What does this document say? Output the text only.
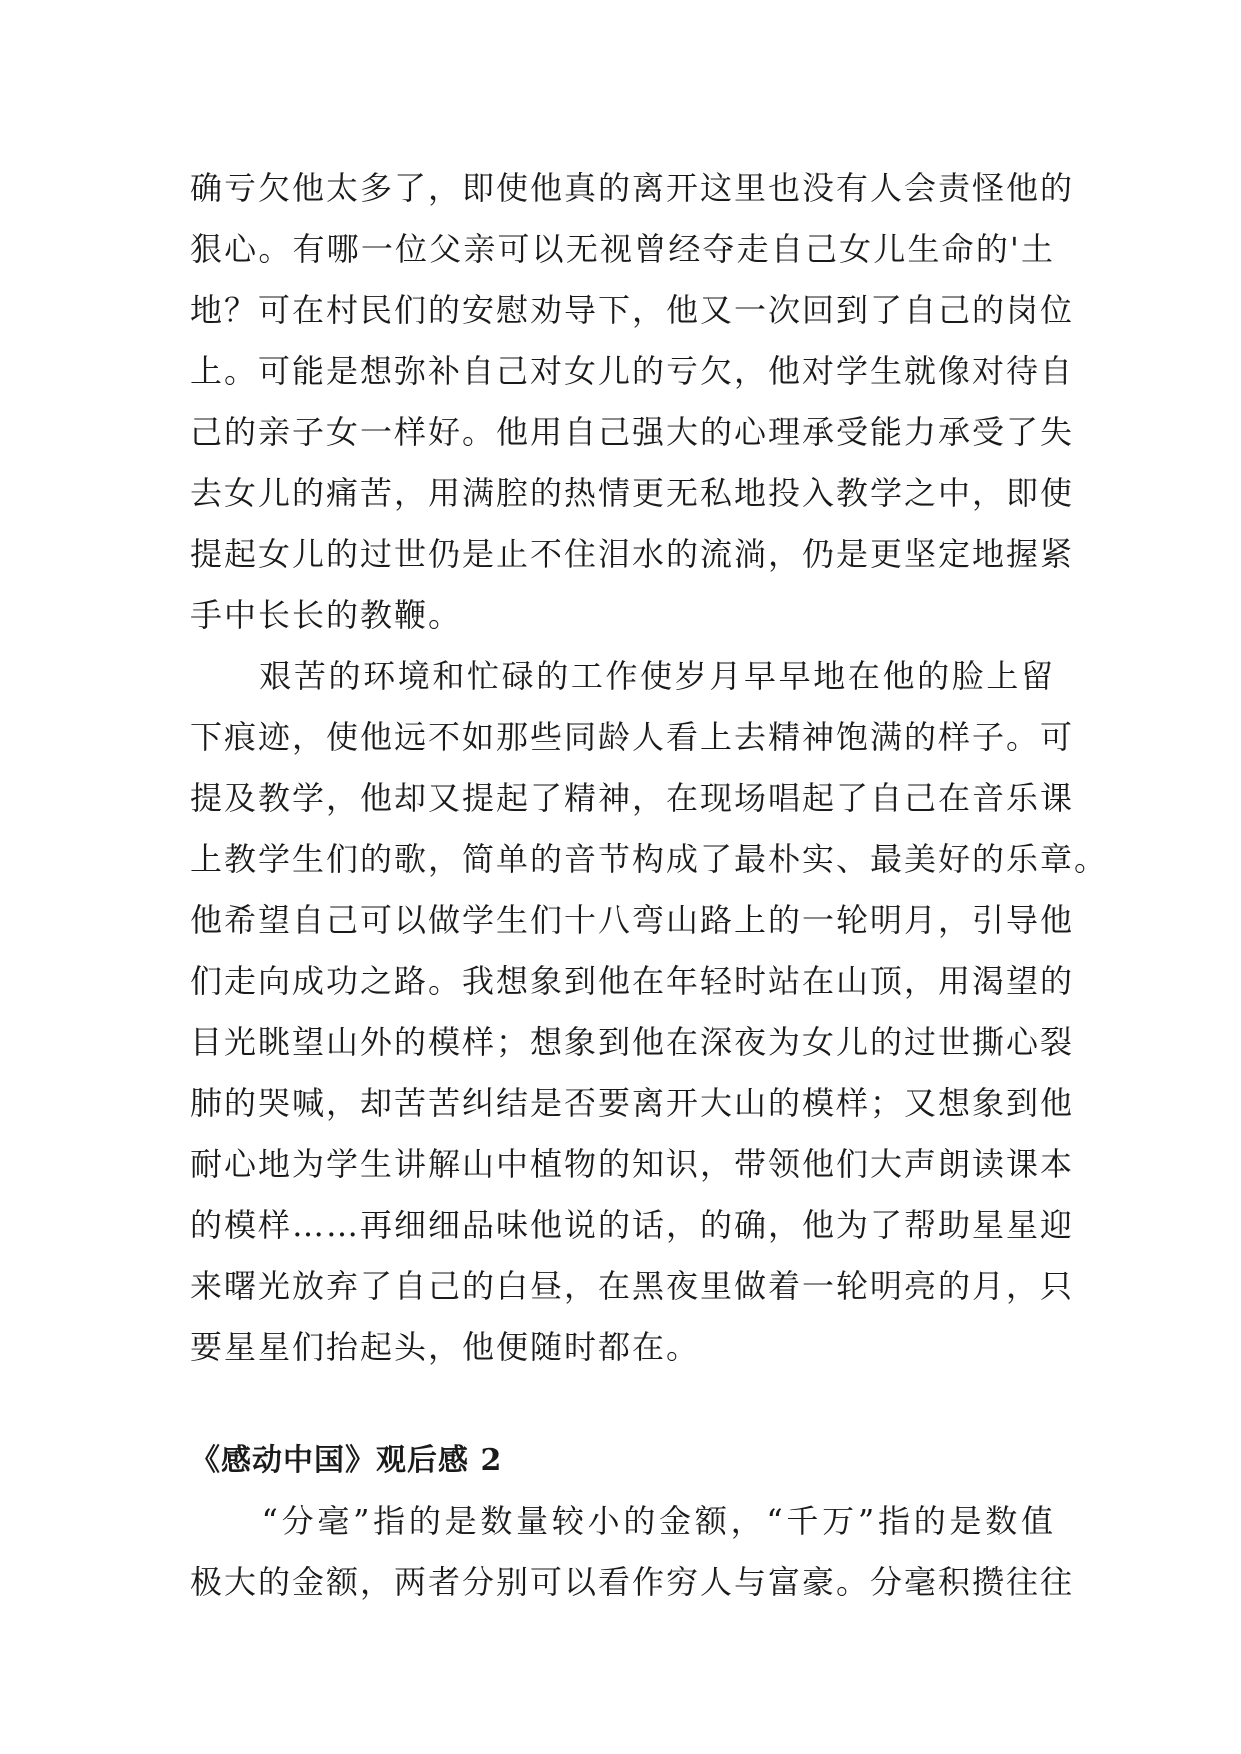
确亏欠他太多了，即使他真的离开这里也没有人会责怪他的
狠心。有哪一位父亲可以无视曾经夺走自己女儿生命的'土
地？可在村民们的安慰劝导下，他又一次回到了自己的岗位
上。可能是想弥补自己对女儿的亏欠，他对学生就像对待自
己的亲子女一样好。他用自己强大的心理承受能力承受了失
去女儿的痛苦，用满腔的热情更无私地投入教学之中，即使
提起女儿的过世仍是止不住泪水的流淌，仍是更坚定地握紧
手中长长的教鞭。

　　艰苦的环境和忙碌的工作使岁月早早地在他的脸上留
下痕迹，使他远不如那些同龄人看上去精神饱满的样子。可
提及教学，他却又提起了精神，在现场唱起了自己在音乐课
上教学生们的歌，简单的音节构成了最朴实、最美好的乐章。
他希望自己可以做学生们十八弯山路上的一轮明月，引导他
们走向成功之路。我想象到他在年轻时站在山顶，用渴望的
目光眺望山外的模样；想象到他在深夜为女儿的过世撕心裂
肺的哭喊，却苦苦纠结是否要离开大山的模样；又想象到他
耐心地为学生讲解山中植物的知识，带领他们大声朗读课本
的模样……再细细品味他说的话，的确，他为了帮助星星迎
来曙光放弃了自己的白昼，在黑夜里做着一轮明亮的月，只
要星星们抬起头，他便随时都在。

《感动中国》观后感 2

　　“分毫”指的是数量较小的金额，“千万”指的是数值
极大的金额，两者分别可以看作穷人与富豪。分毫积攒往往
